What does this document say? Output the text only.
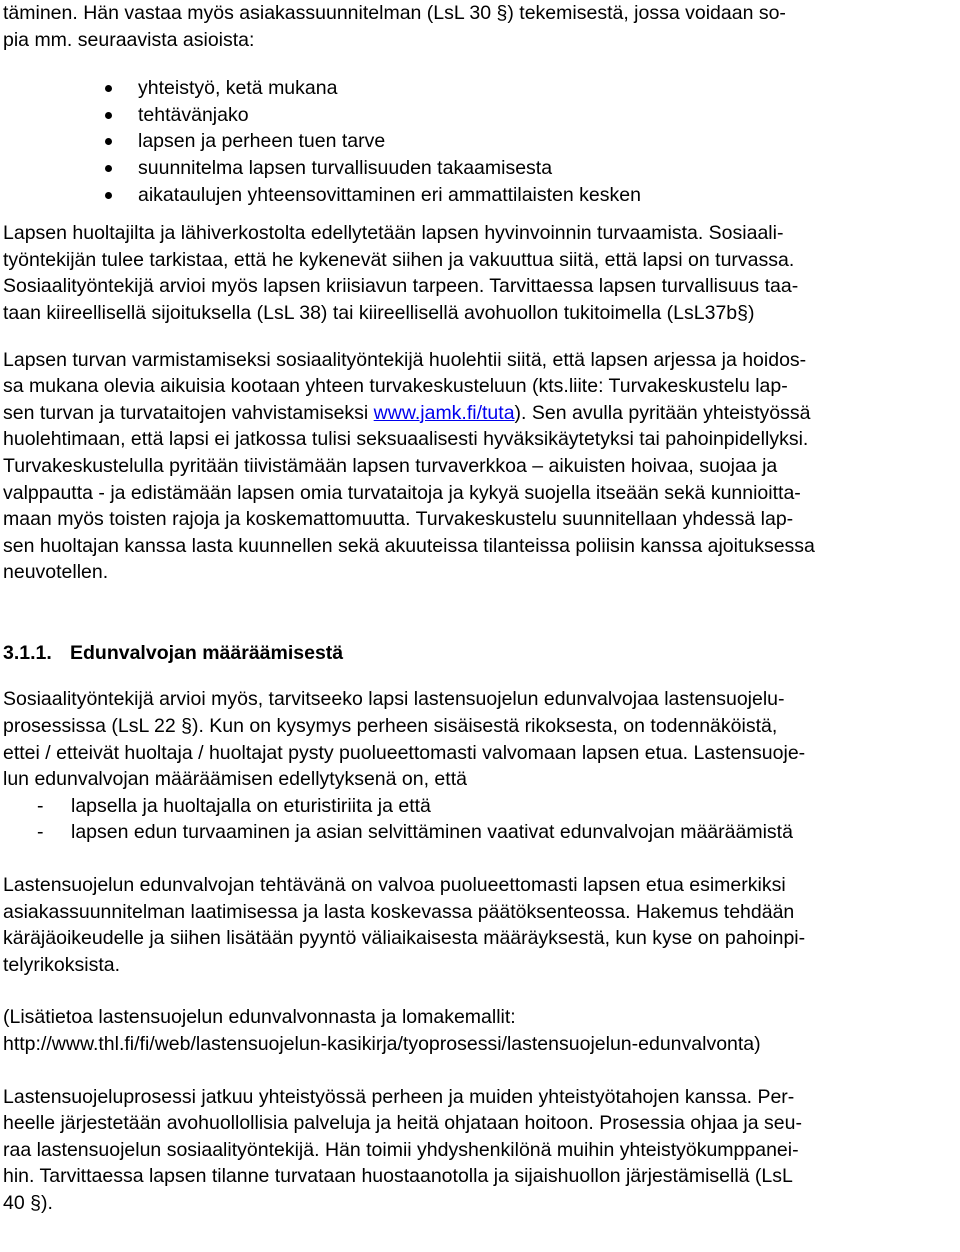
täminen. Hän vastaa myös asiakassuunnitelman (LsL 30 §) tekemisestä, jossa voidaan so-
pia mm. seuraavista asioista:
yhteistyö, ketä mukana
tehtävänjako
lapsen ja perheen tuen tarve
suunnitelma lapsen turvallisuuden takaamisesta
aikataulujen yhteensovittaminen eri ammattilaisten kesken
Lapsen huoltajilta ja lähiverkostolta edellytetään lapsen hyvinvoinnin turvaamista. Sosiaali-
työntekijän tulee tarkistaa, että he kykenevät siihen ja vakuuttua siitä, että lapsi on turvassa.
Sosiaalityöntekijä arvioi myös lapsen kriisiavun tarpeen. Tarvittaessa lapsen turvallisuus taa-
taan kiireellisellä sijoituksella (LsL 38) tai kiireellisellä avohuollon tukitoimella (LsL37b§)
Lapsen turvan varmistamiseksi sosiaalityöntekijä huolehtii siitä, että lapsen arjessa ja hoidos-
sa mukana olevia aikuisia kootaan yhteen turvakeskusteluun (kts.liite: Turvakeskustelu lap-
sen turvan ja turvataitojen vahvistamiseksi www.jamk.fi/tuta). Sen avulla pyritään yhteistyössä
huolehtimaan, että lapsi ei jatkossa tulisi seksuaalisesti hyväksikäytetyksi tai pahoinpidellyksi.
Turvakeskustelulla pyritään tiivistämään lapsen turvaverkkoa – aikuisten hoivaa, suojaa ja
valppautta - ja edistämään lapsen omia turvataitoja ja kykyä suojella itseään sekä kunnioitta-
maan myös toisten rajoja ja koskemattomuutta. Turvakeskustelu suunnitellaan yhdessä lap-
sen huoltajan kanssa lasta kuunnellen sekä akuuteissa tilanteissa poliisin kanssa ajoituksessa
neuvotellen.
3.1.1. Edunvalvojan määräämisestä
Sosiaalityöntekijä arvioi myös, tarvitseeko lapsi lastensuojelun edunvalvojaa lastensuojelu-
prosessissa (LsL 22 §). Kun on kysymys perheen sisäisestä rikoksesta, on todennäköistä,
ettei / etteivät huoltaja / huoltajat pysty puolueettomasti valvomaan lapsen etua. Lastensuoje-
lun edunvalvojan määräämisen edellytyksenä on, että
- lapsella ja huoltajalla on eturistiriita ja että
- lapsen edun turvaaminen ja asian selvittäminen vaativat edunvalvojan määräämistä
Lastensuojelun edunvalvojan tehtävänä on valvoa puolueettomasti lapsen etua esimerkiksi
asiakassuunnitelman laatimisessa ja lasta koskevassa päätöksenteossa. Hakemus tehdään
käräjäoikeudelle ja siihen lisätään pyyntö väliaikaisesta määräyksestä, kun kyse on pahoinpi-
telyrikoksista.
(Lisätietoa lastensuojelun edunvalvonnasta ja lomakemallit:
http://www.thl.fi/fi/web/lastensuojelun-kasikirja/tyoprosessi/lastensuojelun-edunvalvonta)
Lastensuojeluprosessi jatkuu yhteistyössä perheen ja muiden yhteistyötahojen kanssa. Per-
heelle järjestetään avohuollollisia palveluja ja heitä ohjataan hoitoon. Prosessia ohjaa ja seu-
raa lastensuojelun sosiaalityöntekijä. Hän toimii yhdyshenkilönä muihin yhteistyökumppanei-
hin. Tarvittaessa lapsen tilanne turvataan huostaanotolla ja sijaishuollon järjestämisellä (LsL
40 §).
